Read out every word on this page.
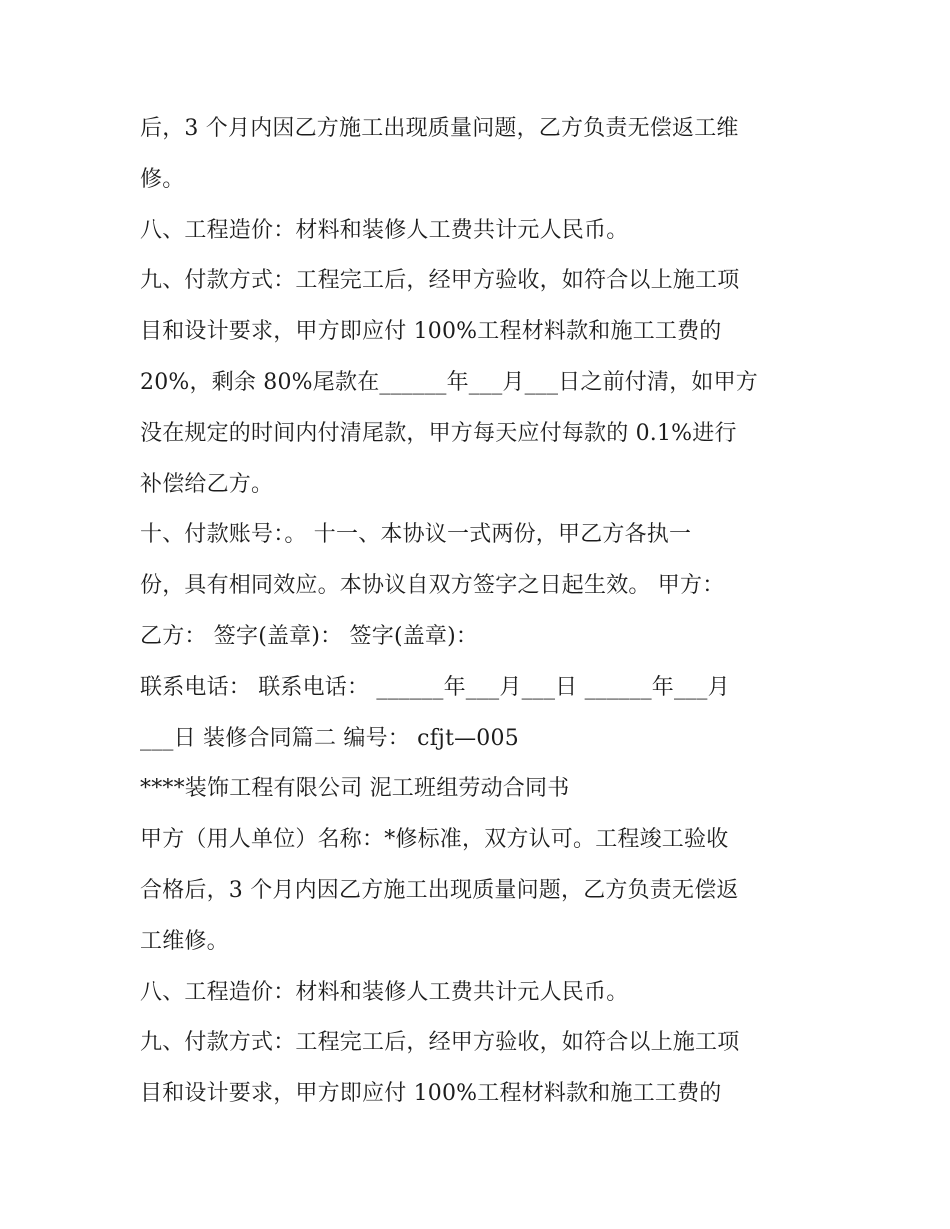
后，3 个月内因乙方施工出现质量问题，乙方负责无偿返工维
修。
八、工程造价：材料和装修人工费共计元人民币。
九、付款方式：工程完工后，经甲方验收，如符合以上施工项
目和设计要求，甲方即应付 100%工程材料款和施工工费的
20%，剩余 80%尾款在______年___月___日之前付清，如甲方
没在规定的时间内付清尾款，甲方每天应付每款的 0.1%进行
补偿给乙方。
十、付款账号：。 十一、本协议一式两份，甲乙方各执一
份，具有相同效应。本协议自双方签字之日起生效。 甲方：
乙方： 签字(盖章)： 签字(盖章)：
联系电话： 联系电话： ______年___月___日 ______年___月
___日 装修合同篇二 编号： cfjt—005
****装饰工程有限公司 泥工班组劳动合同书
甲方（用人单位）名称：*修标准，双方认可。工程竣工验收
合格后，3 个月内因乙方施工出现质量问题，乙方负责无偿返
工维修。
八、工程造价：材料和装修人工费共计元人民币。
九、付款方式：工程完工后，经甲方验收，如符合以上施工项
目和设计要求，甲方即应付 100%工程材料款和施工工费的
